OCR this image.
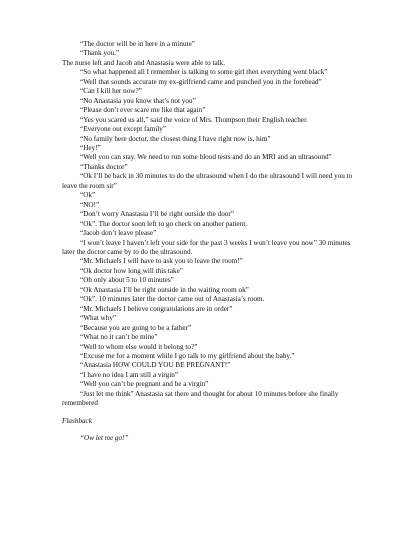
“The doctor will be in here in a minute”

“Thank you.”

The nurse left and Jacob and Anastasia were able to talk.

“So what happened all I remember is talking to some girl then everything went black”

“Well that sounds accurate my ex-girlfriend came and punched you in the forehead”

“Can I kill her now?”

“No Anastasia you know that’s not you”

“Please don’t ever scare me like that again”

“Yes you scared us all,” said the voice of Mrs. Thompson their English teacher.

“Everyone out except family”

“No family here doctor, the closest thing I have right now is, him”

“Hey!”

“Well you can stay. We need to run some blood tests and do an MRI and an ultrasound”

“Thanks doctor”

“Ok I’ll be back in 30 minutes to do the ultrasound when I do the ultrasound I will need you to leave the room sir”

“Ok”

“NO!”

“Don’t worry Anastasia I’ll be right outside the door”

“Ok”. The doctor soon left to go check on another patient.

“Jacob don’t leave please”

“I won’t leave I haven’t left your side for the past 3 weeks I won’t leave you now” 30 minutes later the doctor came by to do the ultrasound.

“Mr. Michaels I will have to ask you to leave the room!”

“Ok doctor how long will this take”

“Oh only about 5 to 10 minutes”

“Ok Anastasia I’ll be right outside in the waiting room ok”

“Ok”. 10 minutes later the doctor came out of Anastasia’s room.

“Mr. Michaels I believe congratulations are in order”

“What why”

“Because you are going to be a father”

“What no it can’t be mine”

“Well to whom else would it belong to?”

“Excuse me for a moment while I go talk to my girlfriend about the baby.”

“Anastasia HOW COULD YOU BE PREGNANT!”

“I have no idea I am still a virgin”

“Well you can’t be pregnant and be a virgin”

“Just let me think” Anastasia sat there and thought for about 10 minutes before she finally remembered

Flashback

“Ow let me go!”
